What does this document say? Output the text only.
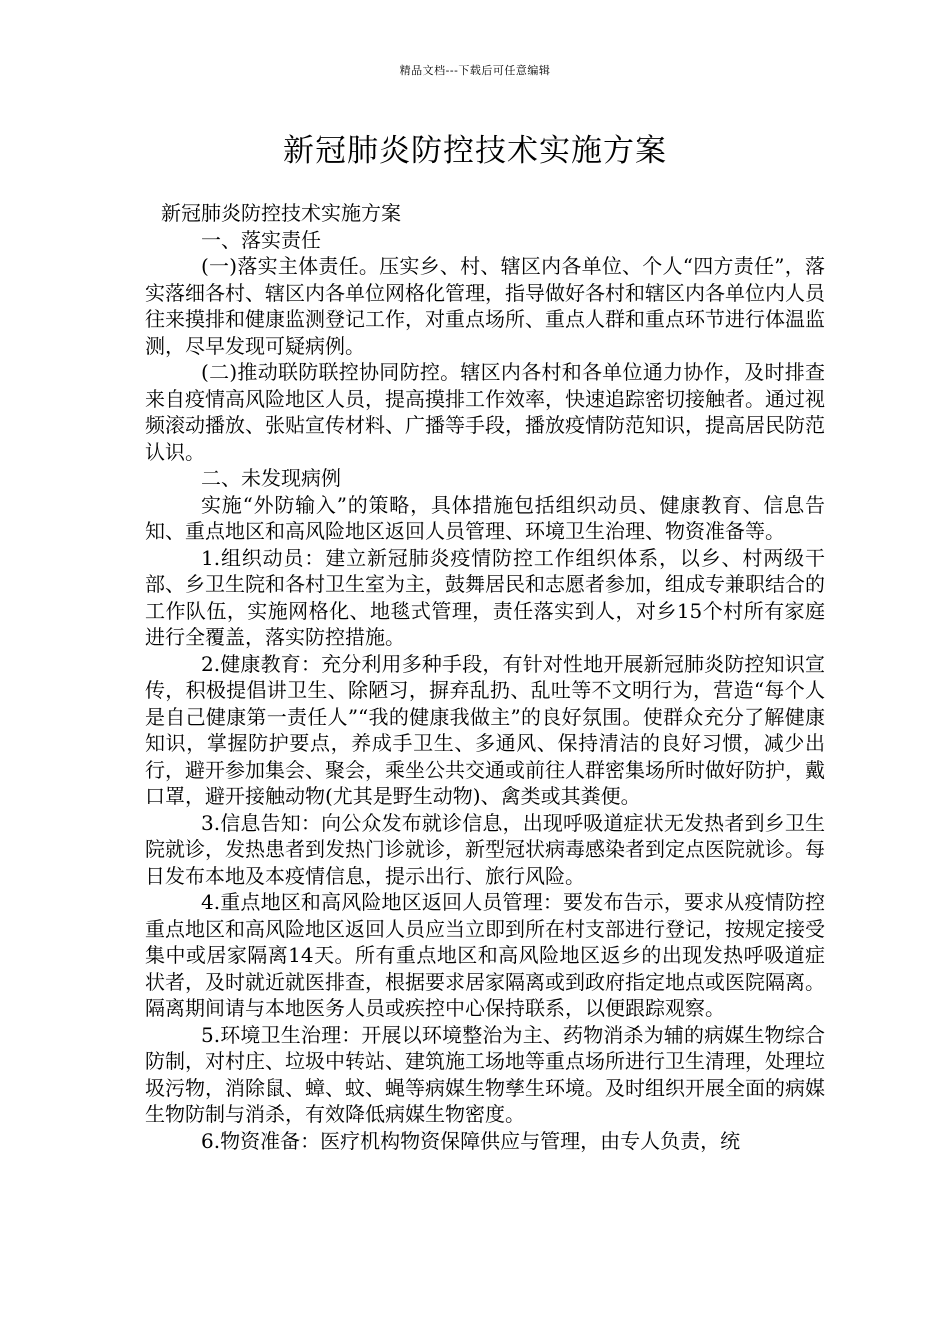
精品文档---下载后可任意编辑
新冠肺炎防控技术实施方案

新冠肺炎防控技术实施方案

一、落实责任

(一)落实主体责任。压实乡、村、辖区内各单位、个人“四方责任”，落实落细各村、辖区内各单位网格化管理，指导做好各村和辖区内各单位内人员往来摸排和健康监测登记工作，对重点场所、重点人群和重点环节进行体温监测，尽早发现可疑病例。

(二)推动联防联控协同防控。辖区内各村和各单位通力协作，及时排查来自疫情高风险地区人员，提高摸排工作效率，快速追踪密切接触者。通过视频滚动播放、张贴宣传材料、广播等手段，播放疫情防范知识，提高居民防范认识。

二、未发现病例

实施“外防输入”的策略，具体措施包括组织动员、健康教育、信息告知、重点地区和高风险地区返回人员管理、环境卫生治理、物资准备等。

1.组织动员：建立新冠肺炎疫情防控工作组织体系，以乡、村两级干部、乡卫生院和各村卫生室为主，鼓舞居民和志愿者参加，组成专兼职结合的工作队伍，实施网格化、地毯式管理，责任落实到人，对乡15个村所有家庭进行全覆盖，落实防控措施。

2.健康教育：充分利用多种手段，有针对性地开展新冠肺炎防控知识宣传，积极提倡讲卫生、除陋习，摒弃乱扔、乱吐等不文明行为，营造“每个人是自己健康第一责任人”“我的健康我做主”的良好氛围。使群众充分了解健康知识，掌握防护要点，养成手卫生、多通风、保持清洁的良好习惯，减少出行，避开参加集会、聚会，乘坐公共交通或前往人群密集场所时做好防护，戴口罩，避开接触动物(尤其是野生动物)、禽类或其粪便。

3.信息告知：向公众发布就诊信息，出现呼吸道症状无发热者到乡卫生院就诊，发热患者到发热门诊就诊，新型冠状病毒感染者到定点医院就诊。每日发布本地及本疫情信息，提示出行、旅行风险。

4.重点地区和高风险地区返回人员管理：要发布告示，要求从疫情防控重点地区和高风险地区返回人员应当立即到所在村支部进行登记，按规定接受集中或居家隔离14天。所有重点地区和高风险地区返乡的出现发热呼吸道症状者，及时就近就医排查，根据要求居家隔离或到政府指定地点或医院隔离。隔离期间请与本地医务人员或疾控中心保持联系，以便跟踪观察。

5.环境卫生治理：开展以环境整治为主、药物消杀为辅的病媒生物综合防制，对村庄、垃圾中转站、建筑施工场地等重点场所进行卫生清理，处理垃圾污物，消除鼠、蟑、蚊、蝇等病媒生物孳生环境。及时组织开展全面的病媒生物防制与消杀，有效降低病媒生物密度。

6.物资准备：医疗机构物资保障供应与管理，由专人负责，统
